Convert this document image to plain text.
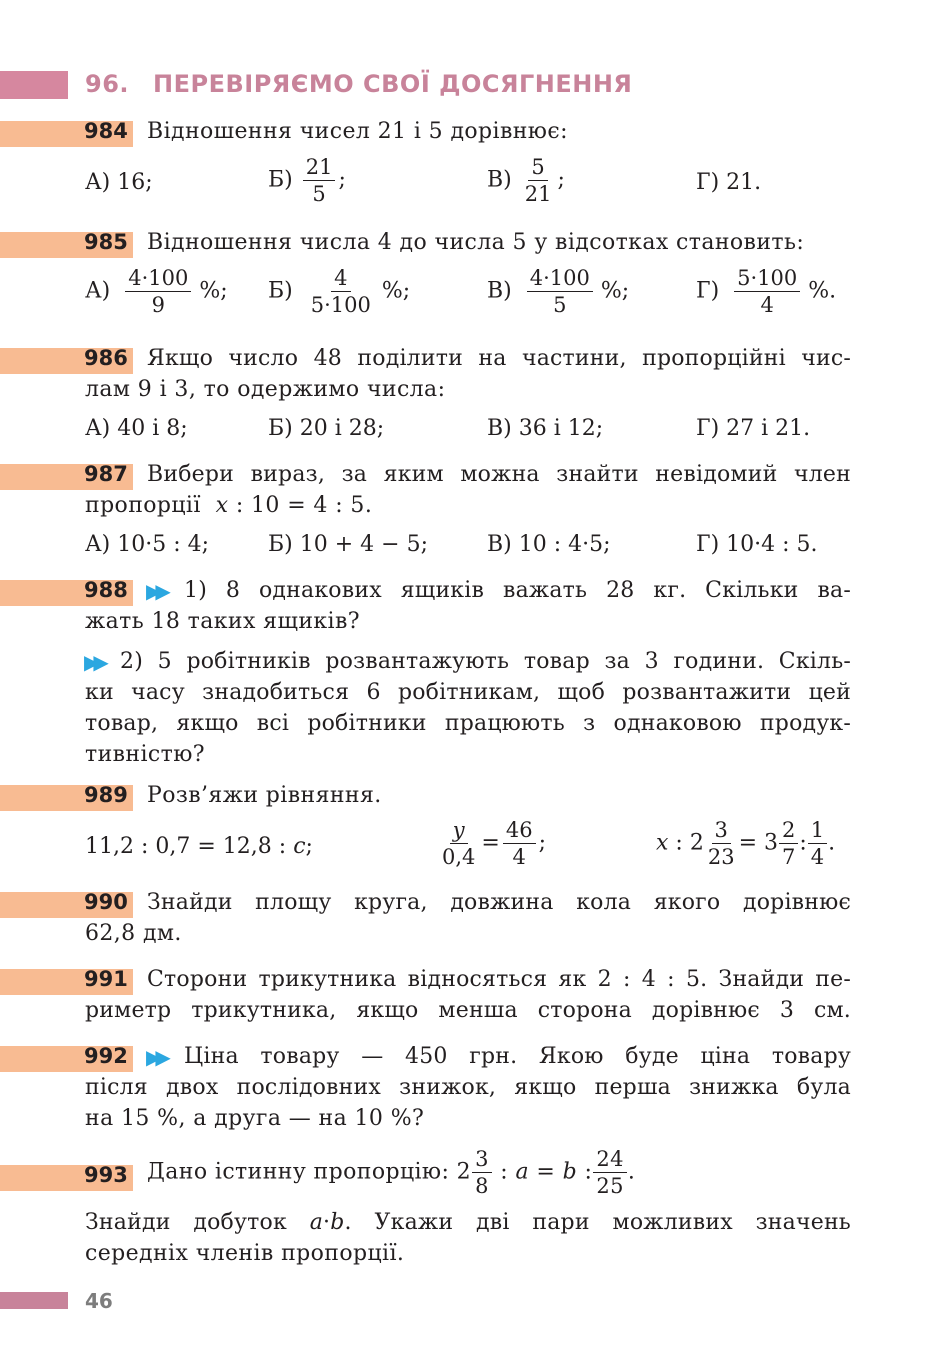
96. ПЕРЕВІРЯЄМО СВОЇ ДОСЯГНЕННЯ
984 Відношення чисел 21 і 5 дорівнює:
А) 16;	$Б) \frac{21}{5}$ ;	$В) \frac{5}{21}$ ;	Г) 21.
985 Відношення числа 4 до числа 5 у відсотках становить:
$А) \frac{4\cdot 100}{9}$ %; $Б) \frac{4}{5\cdot 100}$ %;	$В) \frac{4\cdot 100}{5}$ %;	$Г) \frac{5\cdot 100}{4}$ %.
986 Якщо число 48 поділити на частини, пропорційні чис-
лам 9 і 3, то одержимо числа:
А) 40 і 8;	Б) 20 і 28;	В) 36 і 12;	Г) 27 і 21.
987 Вибери вираз, за яким можна знайти невідомий член
пропорції x : 10 = 4 : 5.
А) 10·5 : 4;	Б) 10 + 4 − 5;	В) 10 : 4·5;	Г) 10·4 : 5.
988 ▶▶ 1) 8 однакових ящиків важать 28 кг. Скільки ва-
жать 18 таких ящиків?
▶▶ 2) 5 робітників розвантажують товар за 3 години. Скіль-
ки часу знадобиться 6 робітникам, щоб розвантажити цей
товар, якщо всі робітники працюють з однаковою продук-
тивністю?
989 Розв’яжи рівняння.
11,2 : 0,7 = 12,8 : c;	$\frac{y}{0,4} = \frac{46}{4}$ ;	x : $2 \frac{3}{23} = 3 \frac{2}{7}$ : $\frac{1}{4}$ .
990 Знайди площу круга, довжина кола якого дорівнює
62,8 дм.
991 Сторони трикутника відносяться як 2 : 4 : 5. Знайди пе-
риметр трикутника, якщо менша сторона дорівнює 3 см.
992 ▶▶ Ціна товару — 450 грн. Якою буде ціна товару
після двох послідовних знижок, якщо перша знижка була
на 15 %, а друга — на 10 %?
993 Дано істинну пропорцію: $2 \frac{3}{8}$ : a = b : $\frac{24}{25}$ .
Знайди добуток a·b. Укажи дві пари можливих значень
середніх членів пропорції.
46
